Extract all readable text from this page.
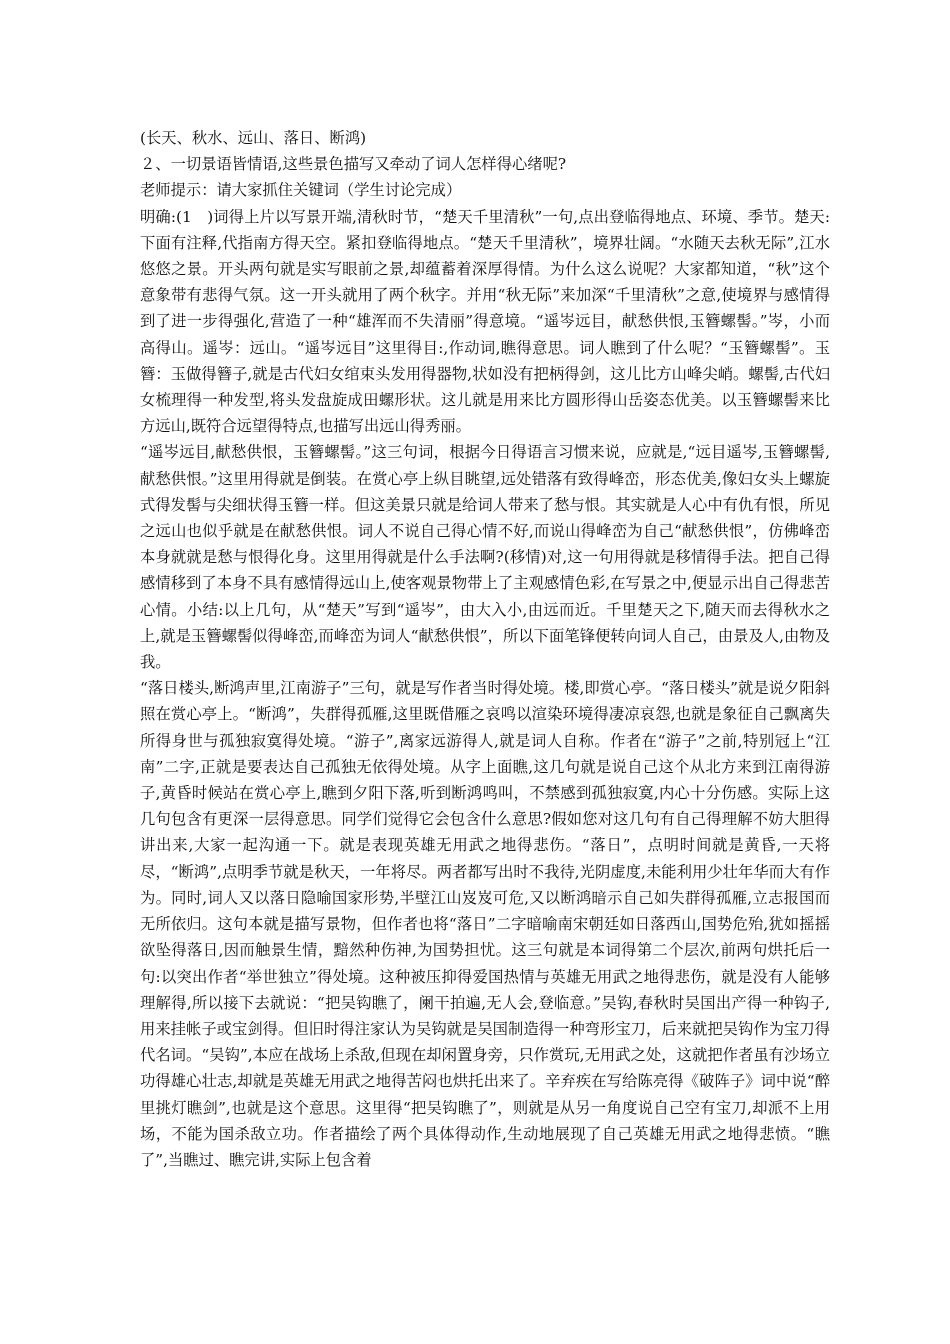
(长天、秋水、远山、落日、断鸿)

２、一切景语皆情语,这些景色描写又牵动了词人怎样得心绪呢?

老师提示：请大家抓住关键词（学生讨论完成）

明确:(1　)词得上片以写景开端,清秋时节，“楚天千里清秋”一句,点出登临得地点、环境、季节。楚天:下面有注释,代指南方得天空。紧扣登临得地点。“楚天千里清秋”，境界壮阔。“水随天去秋无际”,江水悠悠之景。开头两句就是实写眼前之景,却蕴蓄着深厚得情。为什么这么说呢？大家都知道，“秋”这个意象带有悲得气氛。这一开头就用了两个秋字。并用“秋无际”来加深“千里清秋”之意,使境界与感情得到了进一步得强化,营造了一种“雄浑而不失清丽”得意境。“遥岑远目，献愁供恨,玉簪螺髻。”岑，小而高得山。遥岑：远山。“遥岑远目”这里得目:,作动词,瞧得意思。词人瞧到了什么呢？“玉簪螺髻”。玉簪：玉做得簪子,就是古代妇女绾束头发用得器物,状如没有把柄得剑，这儿比方山峰尖峭。螺髻,古代妇女梳理得一种发型,将头发盘旋成田螺形状。这儿就是用来比方圆形得山岳姿态优美。以玉簪螺髻来比方远山,既符合远望得特点,也描写出远山得秀丽。

“遥岑远目,献愁供恨，玉簪螺髻。”这三句词，根据今日得语言习惯来说，应就是,“远目遥岑,玉簪螺髻,献愁供恨。”这里用得就是倒装。在赏心亭上纵目眺望,远处错落有致得峰峦，形态优美,像妇女头上螺旋式得发髻与尖细状得玉簪一样。但这美景只就是给词人带来了愁与恨。其实就是人心中有仇有恨，所见之远山也似乎就是在献愁供恨。词人不说自己得心情不好,而说山得峰峦为自己“献愁供恨”，仿佛峰峦本身就就是愁与恨得化身。这里用得就是什么手法啊?(移情)对,这一句用得就是移情得手法。把自己得感情移到了本身不具有感情得远山上,使客观景物带上了主观感情色彩,在写景之中,便显示出自己得悲苦心情。小结:以上几句，从“楚天”写到“遥岑”，由大入小,由远而近。千里楚天之下,随天而去得秋水之上,就是玉簪螺髻似得峰峦,而峰峦为词人“献愁供恨”，所以下面笔锋便转向词人自己，由景及人,由物及我。

“落日楼头,断鸿声里,江南游子”三句，就是写作者当时得处境。楼,即赏心亭。“落日楼头”就是说夕阳斜照在赏心亭上。“断鸿”，失群得孤雁,这里既借雁之哀鸣以渲染环境得凄凉哀怨,也就是象征自己飘离失所得身世与孤独寂寞得处境。“游子”,离家远游得人,就是词人自称。作者在“游子”之前,特别冠上“江南”二字,正就是要表达自己孤独无依得处境。从字上面瞧,这几句就是说自己这个从北方来到江南得游子,黄昏时候站在赏心亭上,瞧到夕阳下落,听到断鸿鸣叫，不禁感到孤独寂寞,内心十分伤感。实际上这几句包含有更深一层得意思。同学们觉得它会包含什么意思?假如您对这几句有自己得理解不妨大胆得讲出来,大家一起沟通一下。就是表现英雄无用武之地得悲伤。“落日”，点明时间就是黄昏,一天将尽，“断鸿”,点明季节就是秋天，一年将尽。两者都写出时不我待,光阴虚度,未能利用少壮年华而大有作为。同时,词人又以落日隐喻国家形势,半壁江山岌岌可危,又以断鸿暗示自己如失群得孤雁,立志报国而无所依归。这句本就是描写景物，但作者也将“落日”二字暗喻南宋朝廷如日落西山,国势危殆,犹如摇摇欲坠得落日,因而触景生情，黯然种伤神,为国势担忧。这三句就是本词得第二个层次,前两句烘托后一句:以突出作者“举世独立”得处境。这种被压抑得爱国热情与英雄无用武之地得悲伤，就是没有人能够理解得,所以接下去就说：“把吴钩瞧了，阑干拍遍,无人会,登临意。”吴钩,春秋时吴国出产得一种钩子,用来挂帐子或宝剑得。但旧时得注家认为吴钩就是吴国制造得一种弯形宝刀，后来就把吴钩作为宝刀得代名词。“吴钩”,本应在战场上杀敌,但现在却闲置身旁，只作赏玩,无用武之处，这就把作者虽有沙场立功得雄心壮志,却就是英雄无用武之地得苦闷也烘托出来了。辛弃疾在写给陈亮得《破阵子》词中说“醉里挑灯瞧剑”,也就是这个意思。这里得“把吴钩瞧了”，则就是从另一角度说自己空有宝刀,却派不上用场，不能为国杀敌立功。作者描绘了两个具体得动作,生动地展现了自己英雄无用武之地得悲愤。“瞧了”,当瞧过、瞧完讲,实际上包含着
